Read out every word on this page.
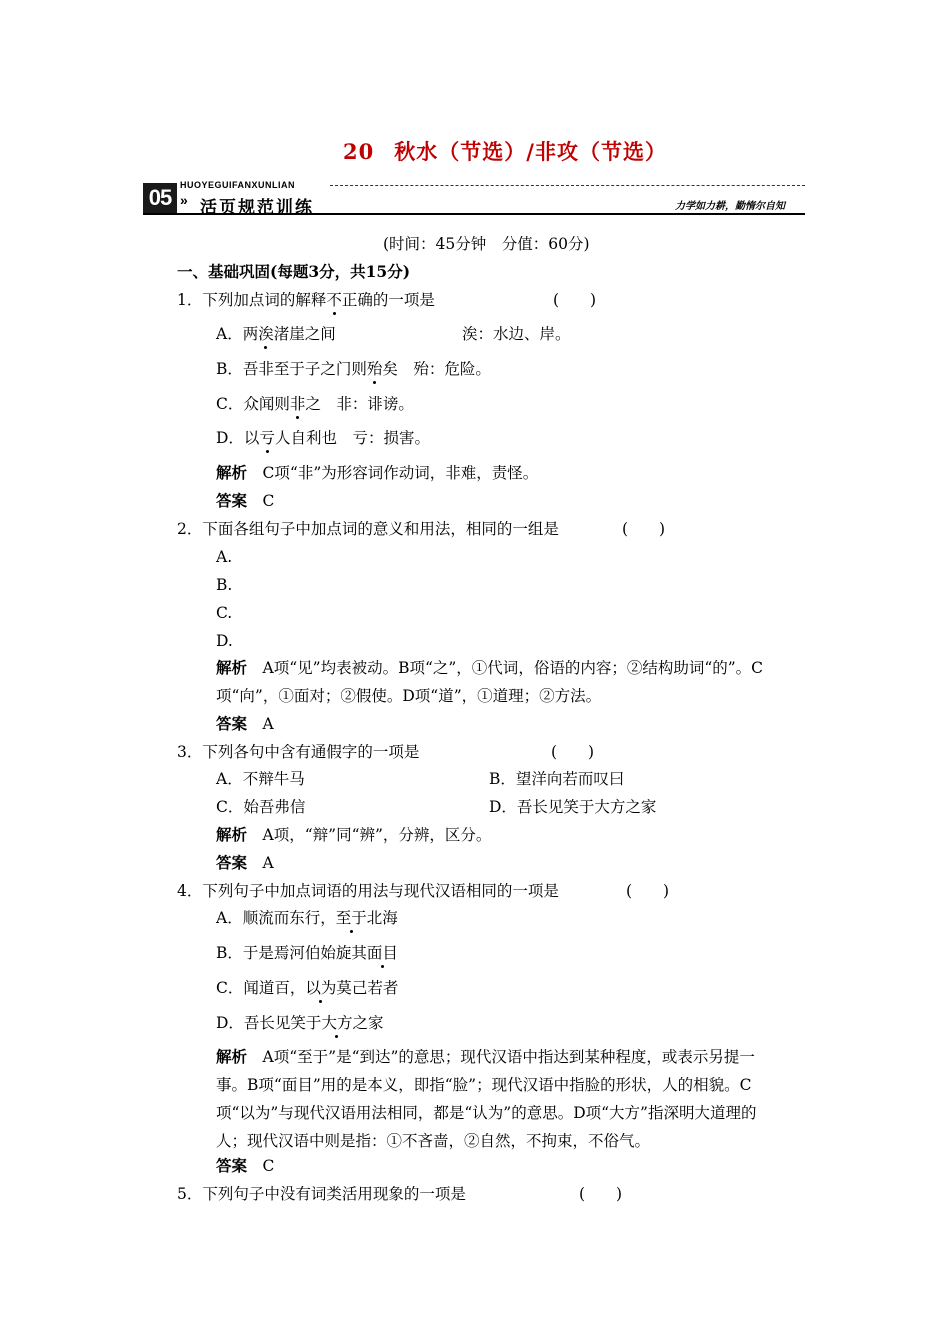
20 秋水（节选）/非攻（节选）
05 HUOYEGUIFANXUNLIAN
» 活页规范训练	力学如力耕，勤惰尔自知
(时间：45分钟　分值：60分)
一、基础巩固(每题3分，共15分)
1．下列加点词的解释不正确的一项是	(　　)
A．两涘渚崖之间	涘：水边、岸。
B．吾非至于子之门则殆矣　殆：危险。
C．众闻则非之　非：诽谤。
D．以亏人自利也　亏：损害。
解析　 C项“非”为形容词作动词，非难，责怪。
答案　 C
2．下面各组句子中加点词的意义和用法，相同的一组是	(　　)
A.
B.
C.
D.
解析　 A项“见”均表被动。B项“之”，①代词，俗语的内容；②结构助词“的”。C
项“向”，①面对；②假使。D项“道”，①道理；②方法。
答案　 A
3．下列各句中含有通假字的一项是	(　　)
A．不辩牛马	B．望洋向若而叹曰
C．始吾弗信	D．吾长见笑于大方之家
解析　 A项，“辩”同“辨”，分辨，区分。
答案　 A
4．下列句子中加点词语的用法与现代汉语相同的一项是	(　　)
A．顺流而东行，至于北海
B．于是焉河伯始旋其面目
C．闻道百，以为莫己若者
D．吾长见笑于大方之家
解析　 A项“至于”是“到达”的意思；现代汉语中指达到某种程度，或表示另提一
事。B项“面目”用的是本义，即指“脸”；现代汉语中指脸的形状，人的相貌。C
项“以为”与现代汉语用法相同，都是“认为”的意思。D项“大方”指深明大道理的
人；现代汉语中则是指：①不吝啬，②自然，不拘束，不俗气。
答案　 C
5．下列句子中没有词类活用现象的一项是	(　　)
